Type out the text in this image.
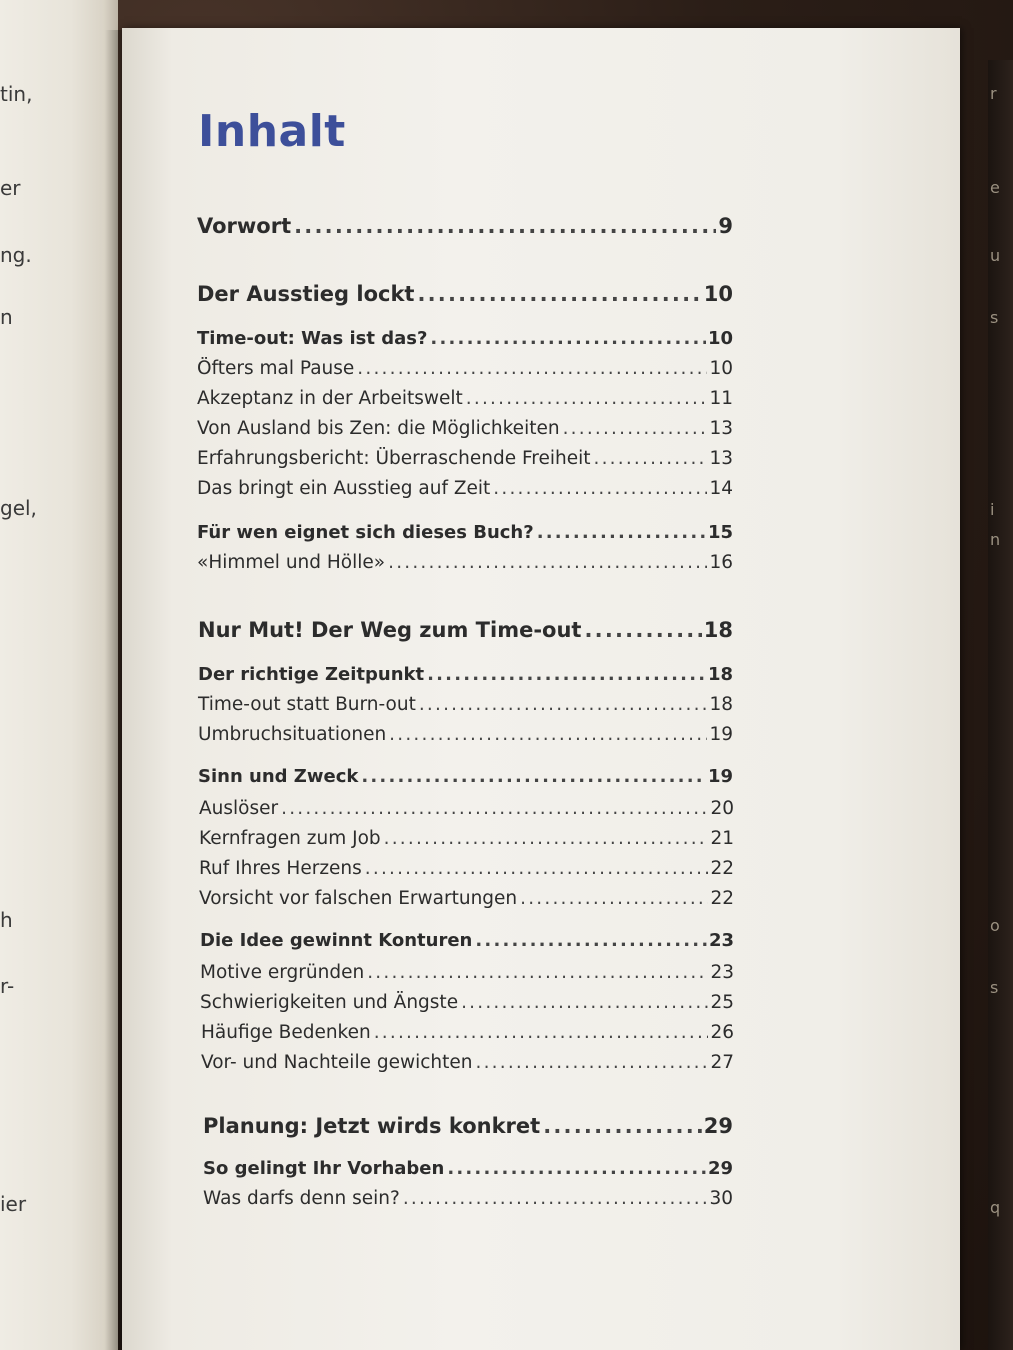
tin,
er
ng.
n
gel,
h
r-
ier
r
e
u
s
i
n
o
s
q
Inhalt
Vorwort .....	9
Der Ausstieg lockt .....	10
Time-out: Was ist das? .....	10
Öfters mal Pause .....	10
Akzeptanz in der Arbeitswelt .....	11
Von Ausland bis Zen: die Möglichkeiten .....	13
Erfahrungsbericht: Überraschende Freiheit .....	13
Das bringt ein Ausstieg auf Zeit .....	14
Für wen eignet sich dieses Buch? .....	15
«Himmel und Hölle» .....	16
Nur Mut! Der Weg zum Time-out .....	18
Der richtige Zeitpunkt .....	18
Time-out statt Burn-out .....	18
Umbruchsituationen .....	19
Sinn und Zweck .....	19
Auslöser .....	20
Kernfragen zum Job .....	21
Ruf Ihres Herzens .....	22
Vorsicht vor falschen Erwartungen .....	22
Die Idee gewinnt Konturen .....	23
Motive ergründen .....	23
Schwierigkeiten und Ängste .....	25
Häufige Bedenken .....	26
Vor- und Nachteile gewichten .....	27
Planung: Jetzt wirds konkret .....	29
So gelingt Ihr Vorhaben .....	29
Was darfs denn sein? .....	30
